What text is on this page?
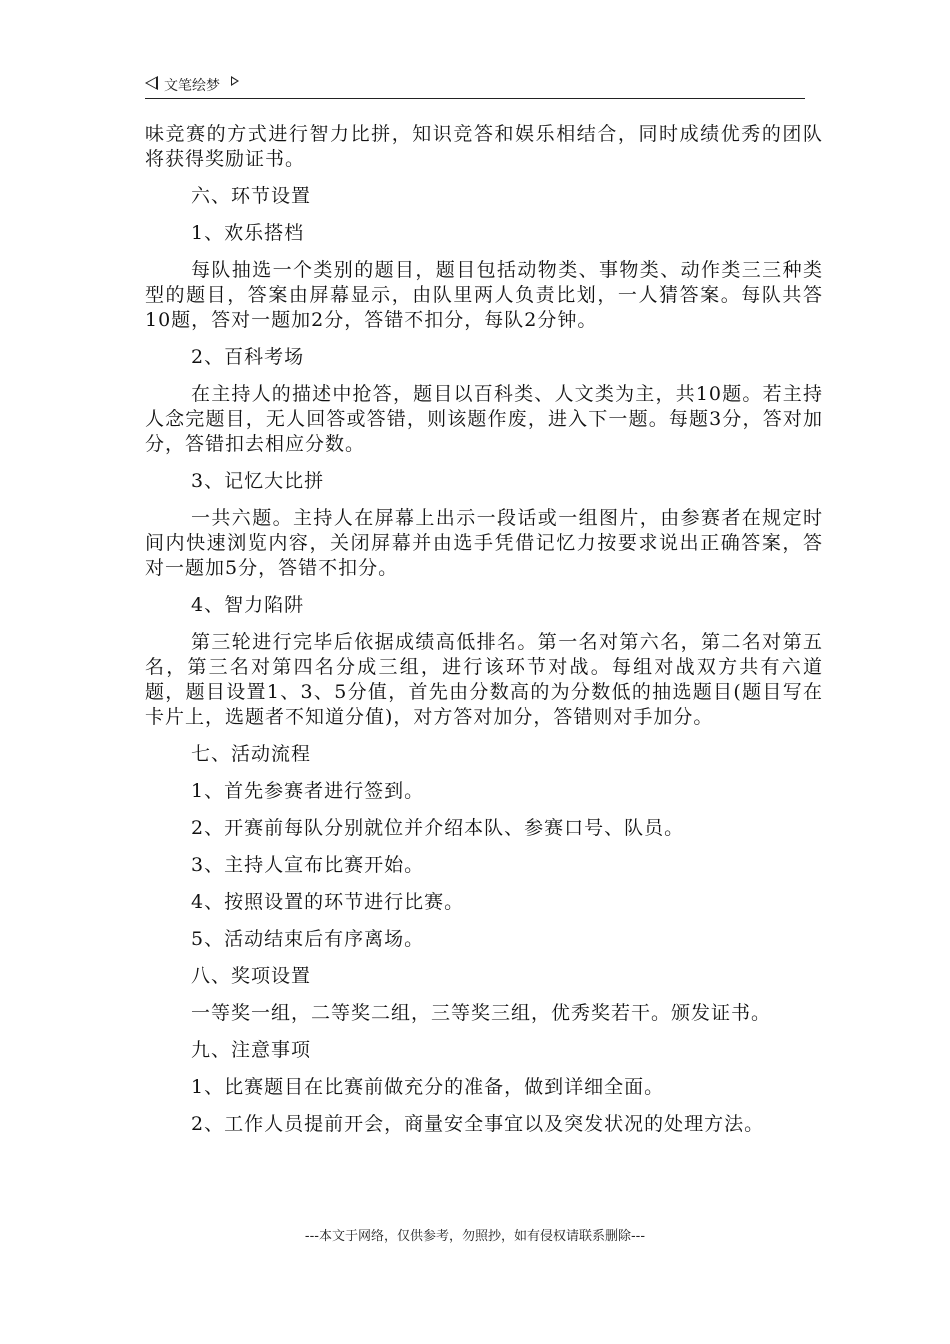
文笔绘梦

味竞赛的方式进行智力比拼，知识竞答和娱乐相结合，同时成绩优秀的团队将获得奖励证书。

六、环节设置

1、欢乐搭档

每队抽选一个类别的题目，题目包括动物类、事物类、动作类三三种类型的题目，答案由屏幕显示，由队里两人负责比划，一人猜答案。每队共答10题，答对一题加2分，答错不扣分，每队2分钟。

2、百科考场

在主持人的描述中抢答，题目以百科类、人文类为主，共10题。若主持人念完题目，无人回答或答错，则该题作废，进入下一题。每题3分，答对加分，答错扣去相应分数。

3、记忆大比拼

一共六题。主持人在屏幕上出示一段话或一组图片，由参赛者在规定时间内快速浏览内容，关闭屏幕并由选手凭借记忆力按要求说出正确答案，答对一题加5分，答错不扣分。

4、智力陷阱

第三轮进行完毕后依据成绩高低排名。第一名对第六名，第二名对第五名，第三名对第四名分成三组，进行该环节对战。每组对战双方共有六道题，题目设置1、3、5分值，首先由分数高的为分数低的抽选题目(题目写在卡片上，选题者不知道分值)，对方答对加分，答错则对手加分。

七、活动流程

1、首先参赛者进行签到。

2、开赛前每队分别就位并介绍本队、参赛口号、队员。

3、主持人宣布比赛开始。

4、按照设置的环节进行比赛。

5、活动结束后有序离场。

八、奖项设置

一等奖一组，二等奖二组，三等奖三组，优秀奖若干。颁发证书。

九、注意事项

1、比赛题目在比赛前做充分的准备，做到详细全面。

2、工作人员提前开会，商量安全事宜以及突发状况的处理方法。

---本文于网络，仅供参考，勿照抄，如有侵权请联系删除---
